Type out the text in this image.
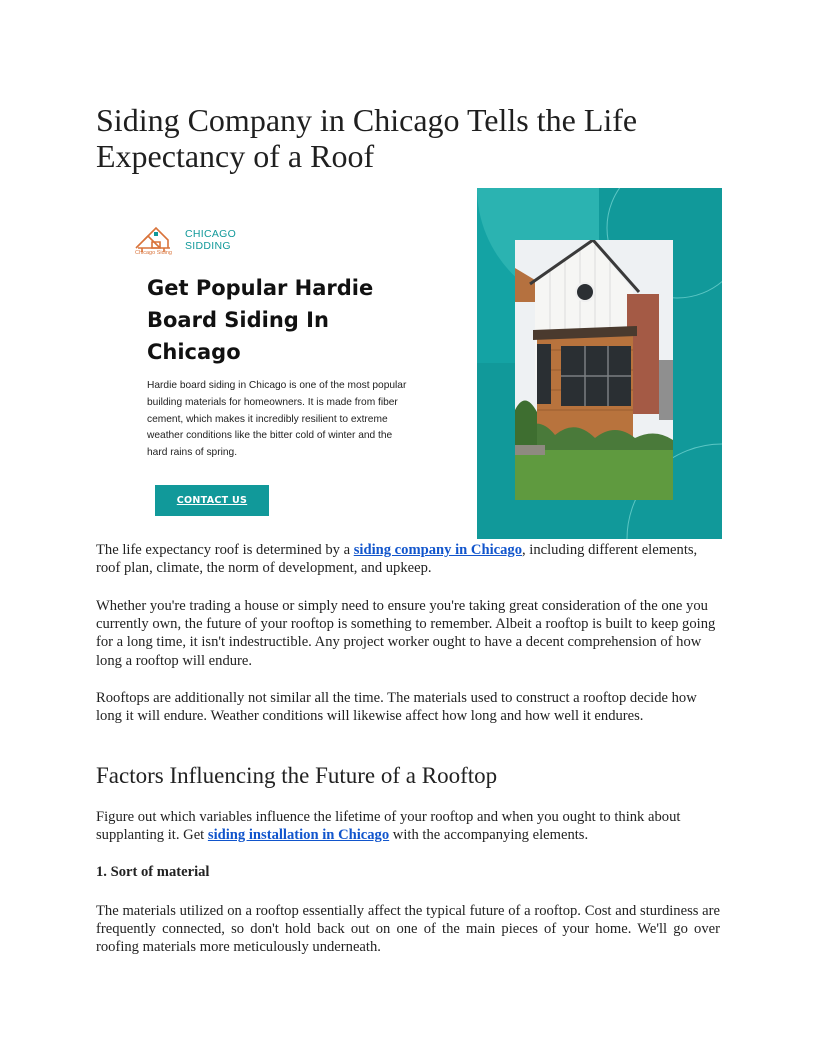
Siding Company in Chicago Tells the Life Expectancy of a Roof
CHICAGO
SIDDING
Chicago Siding
Get Popular Hardie Board Siding In Chicago

Hardie board siding in Chicago is one of the most popular building materials for homeowners. It is made from fiber cement, which makes it incredibly resilient to extreme weather conditions like the bitter cold of winter and the hard rains of spring.

CONTACT US

The life expectancy roof is determined by a siding company in Chicago, including different elements, roof plan, climate, the norm of development, and upkeep.

Whether you're trading a house or simply need to ensure you're taking great consideration of the one you currently own, the future of your rooftop is something to remember. Albeit a rooftop is built to keep going for a long time, it isn't indestructible. Any project worker ought to have a decent comprehension of how long a rooftop will endure.

Rooftops are additionally not similar all the time. The materials used to construct a rooftop decide how long it will endure. Weather conditions will likewise affect how long and how well it endures.

Factors Influencing the Future of a Rooftop

Figure out which variables influence the lifetime of your rooftop and when you ought to think about supplanting it. Get siding installation in Chicago with the accompanying elements.

1. Sort of material

The materials utilized on a rooftop essentially affect the typical future of a rooftop. Cost and sturdiness are frequently connected, so don't hold back out on one of the main pieces of your home. We'll go over roofing materials more meticulously underneath.
